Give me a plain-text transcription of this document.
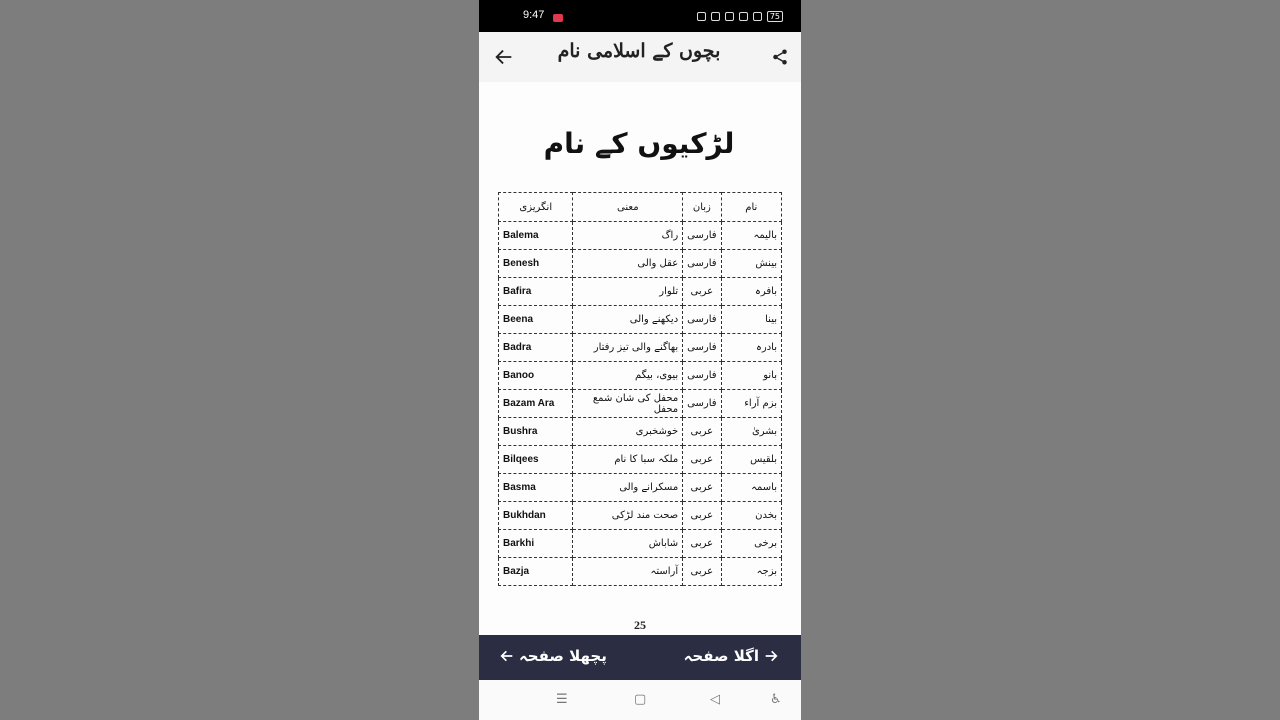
9:47	75
بچوں کے اسلامی نام
لڑکیوں کے نام
انگریزی	معنی	زبان	نام
Balema	راگ	فارسی	بالیمہ
Benesh	عقل والی	فارسی	بینش
Bafira	تلوار	عربی	بافرہ
Beena	دیکھنے والی	فارسی	بینا
Badra	بھاگنے والی تیز رفتار	فارسی	بادرہ
Banoo	بیوی، بیگم	فارسی	بانو
Bazam Ara	محفل کی شان شمع محفل	فارسی	بزم آراء
Bushra	خوشخبری	عربی	بشریٰ
Bilqees	ملکہ سبا کا نام	عربی	بلقیس
Basma	مسکرانے والی	عربی	باسمہ
Bukhdan	صحت مند لڑکی	عربی	بخدن
Barkhi	شاباش	عربی	برخی
Bazja	آراستہ	عربی	بزجہ
25
پچھلا صفحہ	اگلا صفحہ
☰	▢	◁	♿
